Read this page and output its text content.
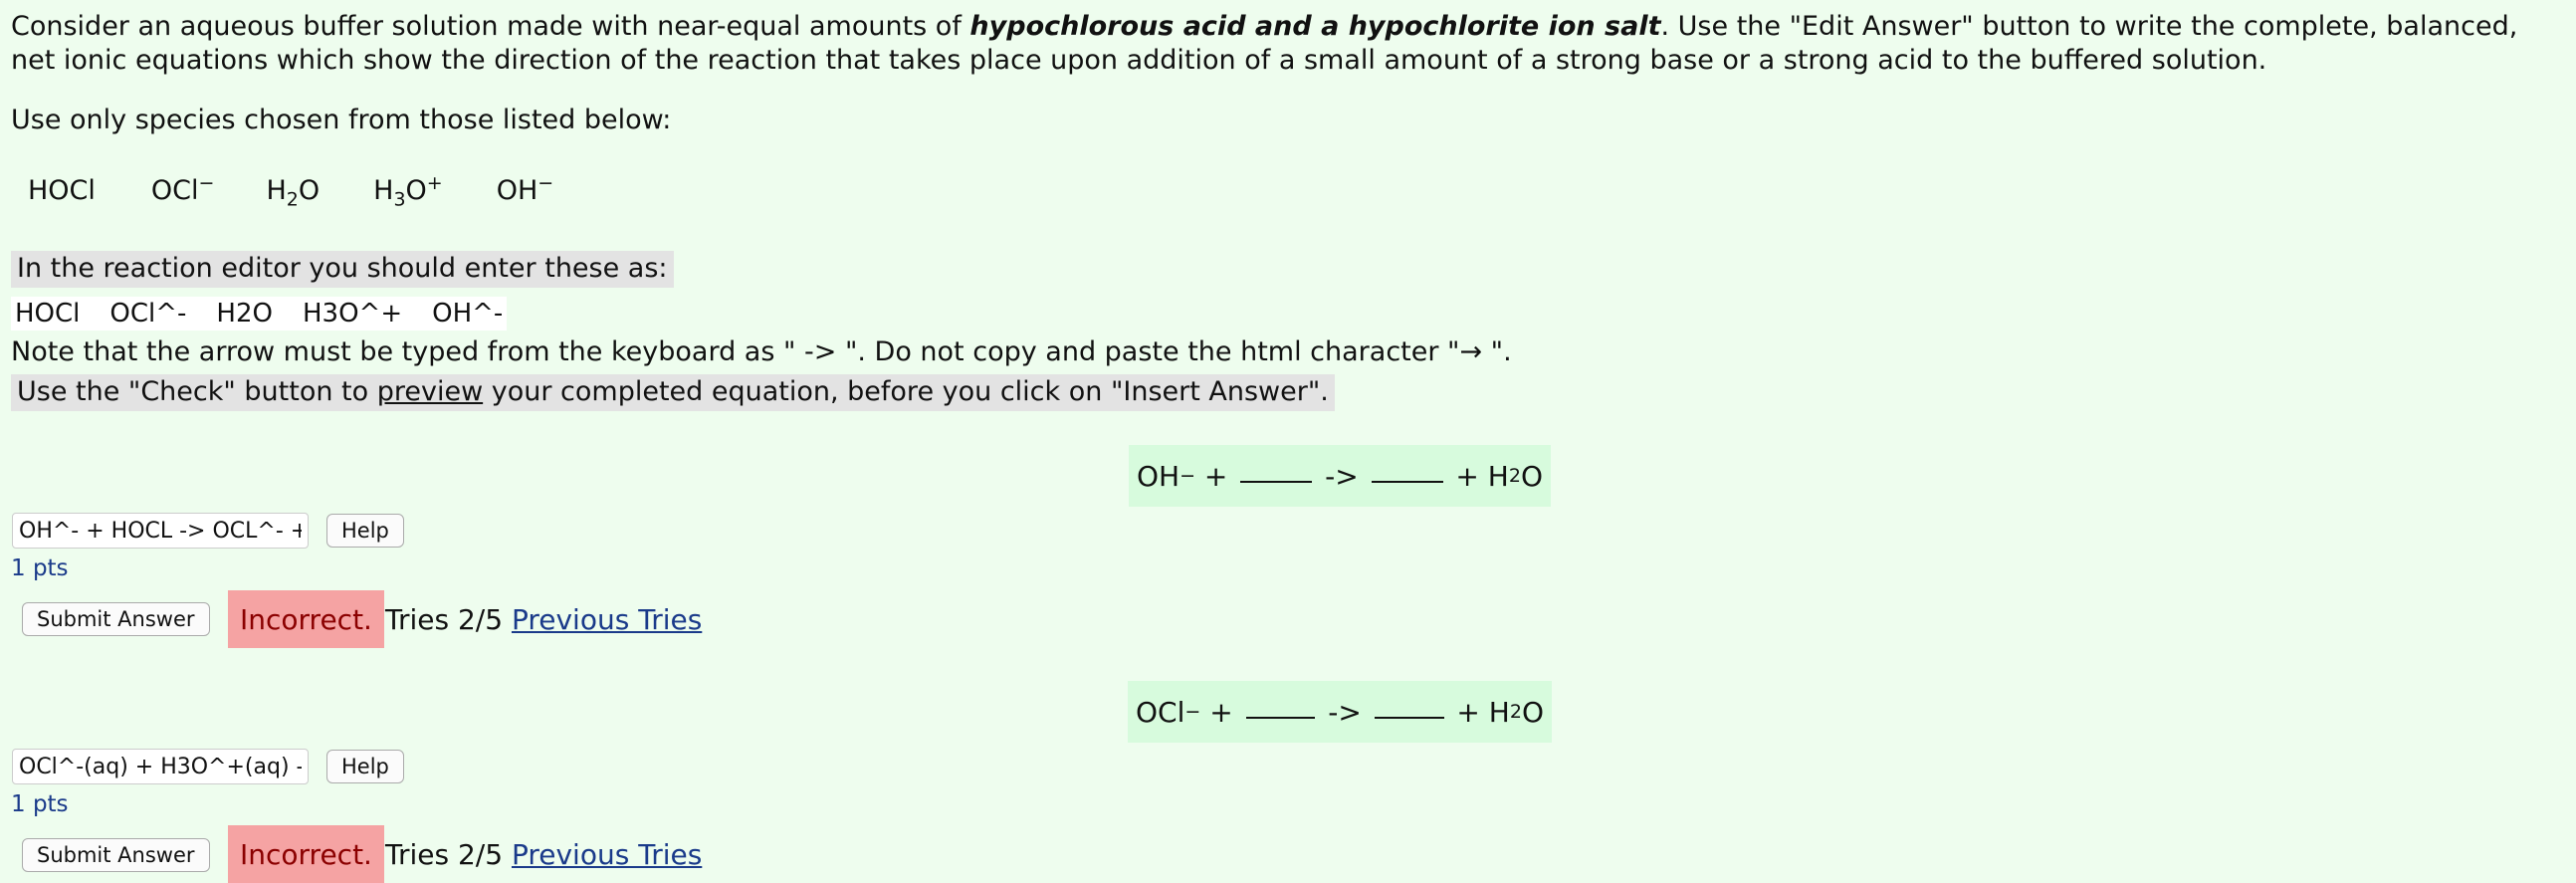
Consider an aqueous buffer solution made with near-equal amounts of hypochlorous acid and a hypochlorite ion salt. Use the "Edit Answer" button to write the complete, balanced, net ionic equations which show the direction of the reaction that takes place upon addition of a small amount of a strong base or a strong acid to the buffered solution.
Use only species chosen from those listed below:
HOCl OCl− $H_2O$ $H_3O^+$ OH−
In the reaction editor you should enter these as:
HOCl OCl^- H2O H3O^+ OH^-
Note that the arrow must be typed from the keyboard as " -> ". Do not copy and paste the html character "→ ".
Use the "Check" button to preview your completed equation, before you click on "Insert Answer".
OH − +	->	+ H 2 O
OH^- + HOCL -> OCL^- + H2O
Help
1 pts
Submit Answer	Incorrect. Tries 2/5 Previous Tries
OCl − +	->	+ H 2 O
OCl^-(aq) + H3O^+(aq) -> HOCl(aq) + H2O(l)
Help
1 pts
Submit Answer	Incorrect. Tries 2/5 Previous Tries
